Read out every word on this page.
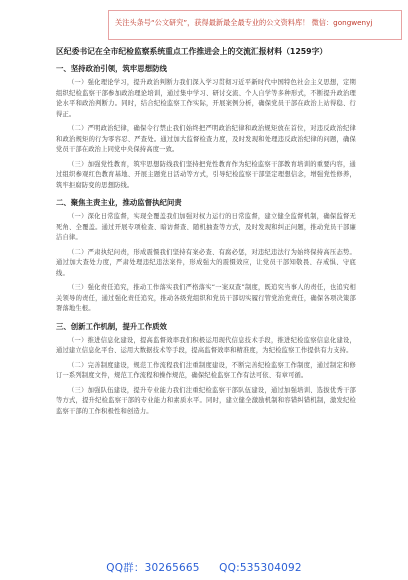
关注头条号“公文研究”，获得最新最全最专业的公文资料库！ 微信：gongwenyj
区纪委书记在全市纪检监察系统重点工作推进会上的交流汇报材料（1259字）
一、坚持政治引领，筑牢思想防线
（一）强化理论学习，提升政治判断力我们深入学习贯彻习近平新时代中国特色社会主义思想，定期组织纪检监察干部参加政治理论培训，通过集中学习、研讨交流、个人自学等多种形式，不断提升政治理论水平和政治判断力。同时，结合纪检监察工作实际，开展案例分析，确保党员干部在政治上站得稳、行得正。
（二）严明政治纪律，确保令行禁止我们始终把严明政治纪律和政治规矩放在首位，对违反政治纪律和政治规矩的行为零容忍、严查处。通过加大监督检查力度，及时发现和处理违反政治纪律的问题，确保党员干部在政治上同党中央保持高度一致。
（三）加强党性教育，筑牢思想防线我们坚持把党性教育作为纪检监察干部教育培训的重要内容，通过组织参观红色教育基地、开展主题党日活动等方式，引导纪检监察干部坚定理想信念，增强党性修养，筑牢拒腐防变的思想防线。
二、聚焦主责主业，推动监督执纪问责
（一）深化日常监督，实现全覆盖我们加强对权力运行的日常监督，建立健全监督机制，确保监督无死角、全覆盖。通过开展专项检查、暗访督查、随机抽查等方式，及时发现和纠正问题，推动党员干部廉洁自律。
（二）严肃执纪问责，形成震慑我们坚持有案必查、有腐必惩，对违纪违法行为始终保持高压态势。通过加大查处力度，严肃处理违纪违法案件，形成强大的震慑效应，让党员干部知敬畏、存戒惧、守底线。
（三）强化责任追究，推动工作落实我们严格落实“一案双查”制度，既追究当事人的责任，也追究相关领导的责任，通过强化责任追究，推动各级党组织和党员干部切实履行管党治党责任，确保各项决策部署落地生根。
三、创新工作机制，提升工作质效
（一）推进信息化建设，提高监督效率我们积极运用现代信息技术手段，推进纪检监察信息化建设，通过建立信息化平台、运用大数据技术等手段，提高监督效率和精准度，为纪检监察工作提供有力支持。
（二）完善制度建设，规范工作流程我们注重制度建设，不断完善纪检监察工作制度，通过制定和修订一系列制度文件，规范工作流程和操作规范，确保纪检监察工作有法可依、有章可循。
（三）加强队伍建设，提升专业能力我们注重纪检监察干部队伍建设，通过加强培训、选拔优秀干部等方式，提升纪检监察干部的专业能力和素质水平。同时，建立健全激励机制和容错纠错机制，激发纪检监察干部的工作积极性和创造力。
QQ群：30265665 QQ:535304092
